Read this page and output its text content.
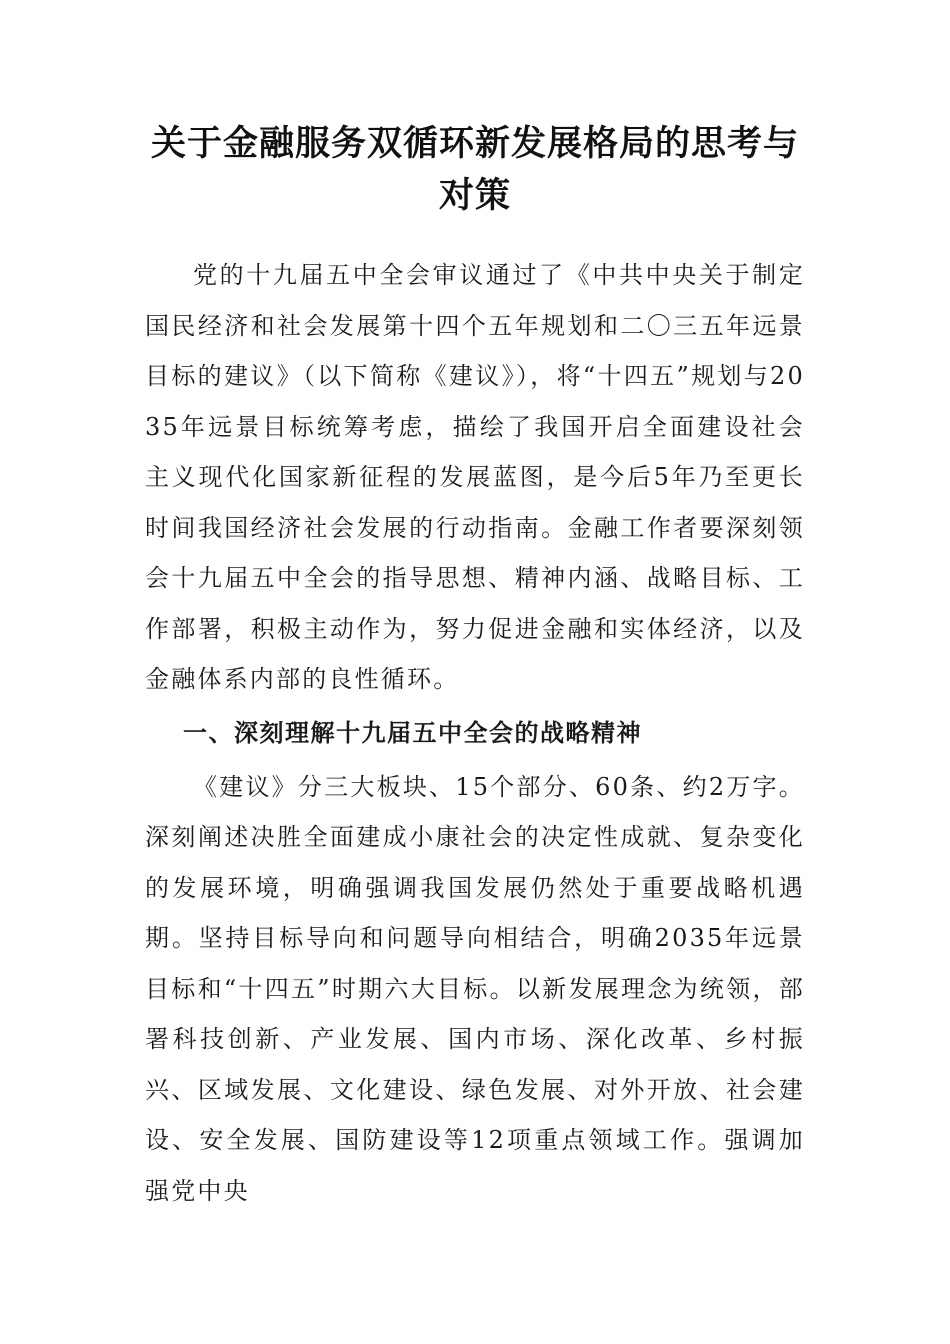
关于金融服务双循环新发展格局的思考与
对策

党的十九届五中全会审议通过了《中共中央关于制定国民经济和社会发展第十四个五年规划和二〇三五年远景目标的建议》（以下简称《建议》），将“十四五”规划与2035年远景目标统筹考虑，描绘了我国开启全面建设社会主义现代化国家新征程的发展蓝图，是今后5年乃至更长时间我国经济社会发展的行动指南。金融工作者要深刻领会十九届五中全会的指导思想、精神内涵、战略目标、工作部署，积极主动作为，努力促进金融和实体经济，以及金融体系内部的良性循环。

一、深刻理解十九届五中全会的战略精神

《建议》分三大板块、15个部分、60条、约2万字。深刻阐述决胜全面建成小康社会的决定性成就、复杂变化的发展环境，明确强调我国发展仍然处于重要战略机遇期。坚持目标导向和问题导向相结合，明确2035年远景目标和“十四五”时期六大目标。以新发展理念为统领，部署科技创新、产业发展、国内市场、深化改革、乡村振兴、区域发展、文化建设、绿色发展、对外开放、社会建设、安全发展、国防建设等12项重点领域工作。强调加强党中央
